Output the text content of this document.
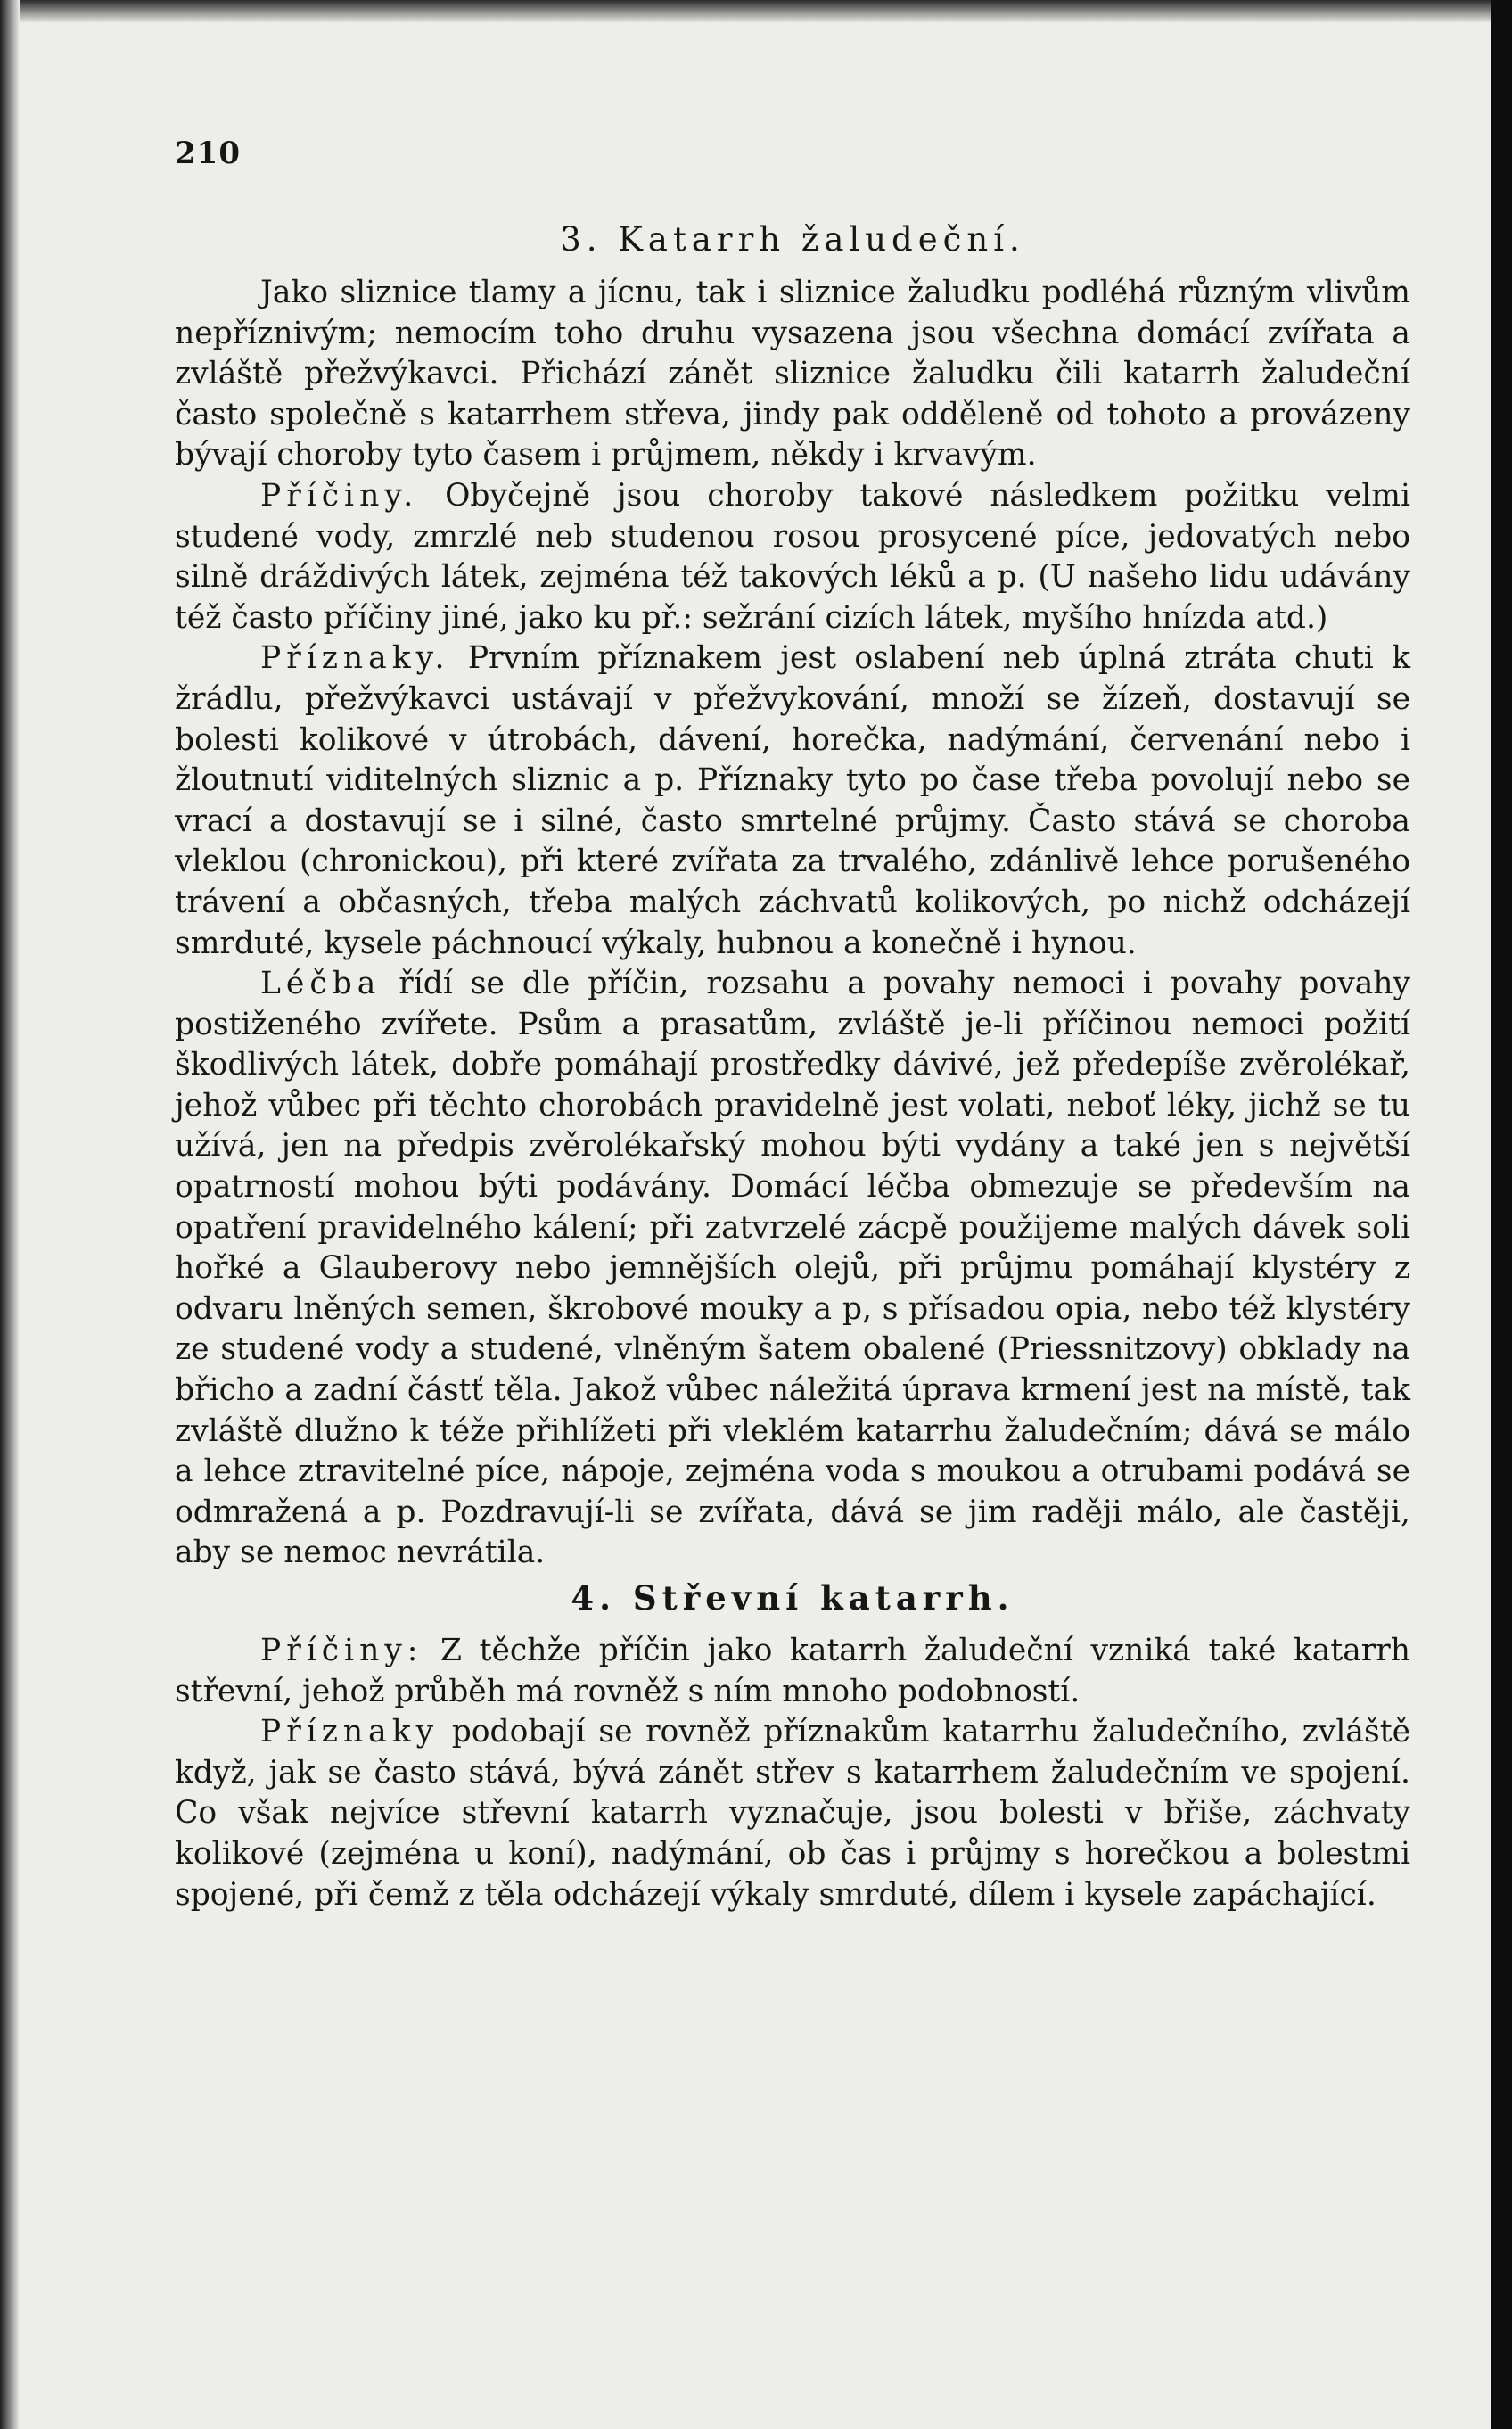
210
3. Katarrh žaludeční.

Jako sliznice tlamy a jícnu, tak i sliznice žaludku podléhá různým vlivům nepříznivým; nemocím toho druhu vysazena jsou všechna domácí zvířata a zvláště přežvýkavci. Přichází zánět sliznice žaludku čili katarrh žaludeční často společně s katarrhem střeva, jindy pak odděleně od tohoto a provázeny bývají choroby tyto časem i průjmem, někdy i krvavým.

Příčiny. Obyčejně jsou choroby takové následkem požitku velmi studené vody, zmrzlé neb studenou rosou prosycené píce, jedovatých nebo silně dráždivých látek, zejména též takových léků a p. (U našeho lidu udávány též často příčiny jiné, jako ku př.: sežrání cizích látek, myšího hnízda atd.)

Příznaky. Prvním příznakem jest oslabení neb úplná ztráta chuti k žrádlu, přežvýkavci ustávají v přežvykování, množí se žízeň, dostavují se bolesti kolikové v útrobách, dávení, horečka, nadýmání, červenání nebo i žloutnutí viditelných sliznic a p. Příznaky tyto po čase třeba povolují nebo se vrací a dostavují se i silné, často smrtelné průjmy. Často stává se choroba vleklou (chronickou), při které zvířata za trvalého, zdánlivě lehce porušeného trávení a občasných, třeba malých záchvatů kolikových, po nichž odcházejí smrduté, kysele páchnoucí výkaly, hubnou a konečně i hynou.

Léčba řídí se dle příčin, rozsahu a povahy nemoci i povahy povahy postiženého zvířete. Psům a prasatům, zvláště je-li příčinou nemoci požití škodlivých látek, dobře pomáhají prostředky dávivé, jež předepíše zvěrolékař, jehož vůbec při těchto chorobách pravidelně jest volati, neboť léky, jichž se tu užívá, jen na předpis zvěrolékařský mohou býti vydány a také jen s největší opatrností mohou býti podávány. Domácí léčba obmezuje se především na opatření pravidelného kálení; při zatvrzelé zácpě použijeme malých dávek soli hořké a Glauberovy nebo jemnějších olejů, při průjmu pomáhají klystéry z odvaru lněných semen, škrobové mouky a p, s přísadou opia, nebo též klystéry ze studené vody a studené, vlněným šatem obalené (Priessnitzovy) obklady na břicho a zadní částť těla. Jakož vůbec náležitá úprava krmení jest na místě, tak zvláště dlužno k téže přihlížeti při vleklém katarrhu žaludečním; dává se málo a lehce ztravitelné píce, nápoje, zejména voda s moukou a otrubami podává se odmražená a p. Pozdravují-li se zvířata, dává se jim raději málo, ale častěji, aby se nemoc nevrátila.

4. Střevní katarrh.

Příčiny: Z těchže příčin jako katarrh žaludeční vzniká také katarrh střevní, jehož průběh má rovněž s ním mnoho podobností.

Příznaky podobají se rovněž příznakům katarrhu žaludečního, zvláště když, jak se často stává, bývá zánět střev s katarrhem žaludečním ve spojení. Co však nejvíce střevní katarrh vyznačuje, jsou bolesti v břiše, záchvaty kolikové (zejména u koní), nadýmání, ob čas i průjmy s horečkou a bolestmi spojené, při čemž z těla odcházejí výkaly smrduté, dílem i kysele zapáchající.
